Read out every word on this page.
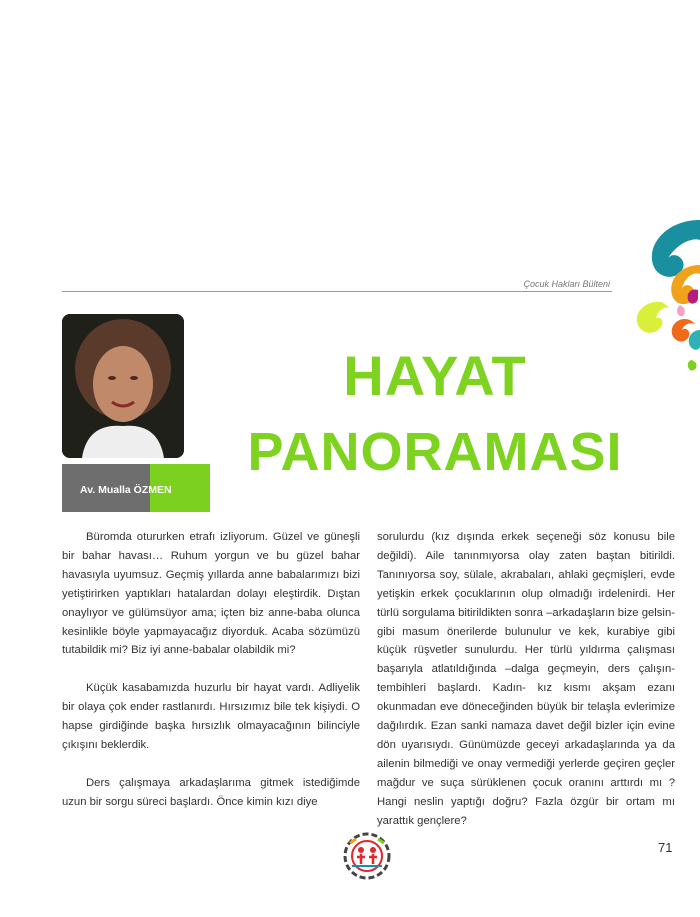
Çocuk Hakları Bülteni
Av. Mualla ÖZMEN
HAYAT
PANORAMASI

Büromda otururken etrafı izliyorum. Güzel ve güneşli bir bahar havası… Ruhum yorgun ve bu güzel bahar havasıyla uyumsuz. Geçmiş yıllarda anne babalarımızı bizi yetiştirirken yaptıkları hatalardan dolayı eleştirdik. Dıştan onaylıyor ve gülümsüyor ama; içten biz anne-baba olunca kesinlikle böyle yapmayacağız diyorduk. Acaba sözümüzü tutabildik mi? Biz iyi anne-babalar olabildik mi?

Küçük kasabamızda huzurlu bir hayat vardı. Adliyelik bir olaya çok ender rastlanırdı. Hırsızımız bile tek kişiydi. O hapse girdiğinde başka hırsızlık olmayacağının bilinciyle çıkışını beklerdik.

Ders çalışmaya arkadaşlarıma gitmek istediğimde uzun bir sorgu süreci başlardı. Önce kimin kızı diye

sorulurdu (kız dışında erkek seçeneği söz konusu bile değildi). Aile tanınmıyorsa olay zaten baştan bitirildi. Tanınıyorsa soy, sülale, akrabaları, ahlaki geçmişleri, evde yetişkin erkek çocuklarının olup olmadığı irdelenirdi. Her türlü sorgulama bitirildikten sonra –arkadaşların bize gelsin- gibi masum önerilerde bulunulur ve kek, kurabiye gibi küçük rüşvetler sunulurdu. Her türlü yıldırma çalışması başarıyla atlatıldığında –dalga geçmeyin, ders çalışın- tembihleri başlardı. Kadın- kız kısmı akşam ezanı okunmadan eve döneceğinden büyük bir telaşla evlerimize dağılırdık. Ezan sanki namaza davet değil bizler için evine dön uyarısıydı. Günümüzde geceyi arkadaşlarında ya da ailenin bilmediği ve onay vermediği yerlerde geçiren geçler mağdur ve suça sürüklenen çocuk oranını arttırdı mı ? Hangi neslin yaptığı doğru? Fazla özgür bir ortam mı yarattık gençlere?

71
